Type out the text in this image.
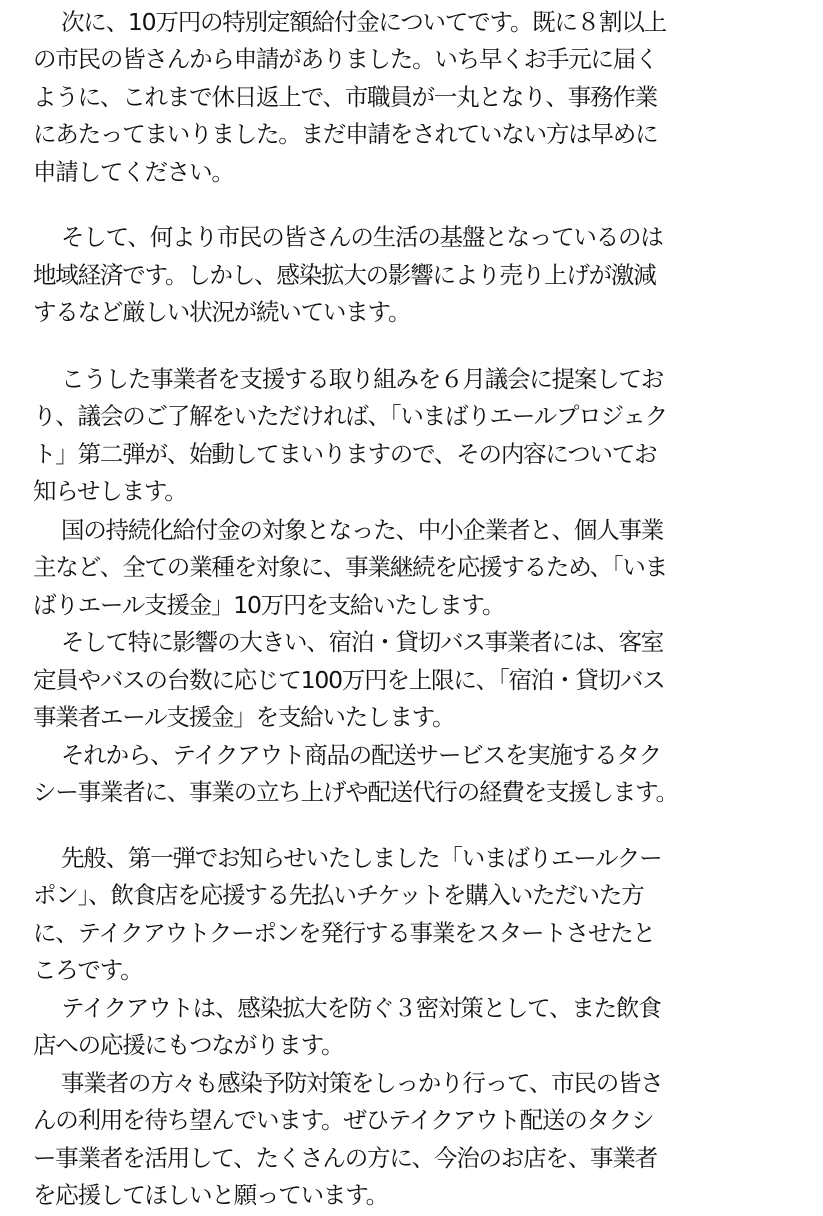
次に、10万円の特別定額給付金についてです。既に８割以上
の市民の皆さんから申請がありました。いち早くお手元に届く
ように、これまで休日返上で、市職員が一丸となり、事務作業
にあたってまいりました。まだ申請をされていない方は早めに
申請してください。
そして、何より市民の皆さんの生活の基盤となっているのは
地域経済です。しかし、感染拡大の影響により売り上げが激減
するなど厳しい状況が続いています。
こうした事業者を支援する取り組みを６月議会に提案してお
り、議会のご了解をいただければ、「いまばりエールプロジェク
ト」第二弾が、始動してまいりますので、その内容についてお
知らせします。
国の持続化給付金の対象となった、中小企業者と、個人事業
主など、全ての業種を対象に、事業継続を応援するため、「いま
ばりエール支援金」10万円を支給いたします。
そして特に影響の大きい、宿泊・貸切バス事業者には、客室
定員やバスの台数に応じて100万円を上限に、「宿泊・貸切バス
事業者エール支援金」を支給いたします。
それから、テイクアウト商品の配送サービスを実施するタク
シー事業者に、事業の立ち上げや配送代行の経費を支援します。
先般、第一弾でお知らせいたしました「いまばりエールクー
ポン」、飲食店を応援する先払いチケットを購入いただいた方
に、テイクアウトクーポンを発行する事業をスタートさせたと
ころです。
テイクアウトは、感染拡大を防ぐ３密対策として、また飲食
店への応援にもつながります。
事業者の方々も感染予防対策をしっかり行って、市民の皆さ
んの利用を待ち望んでいます。ぜひテイクアウト配送のタクシ
ー事業者を活用して、たくさんの方に、今治のお店を、事業者
を応援してほしいと願っています。
